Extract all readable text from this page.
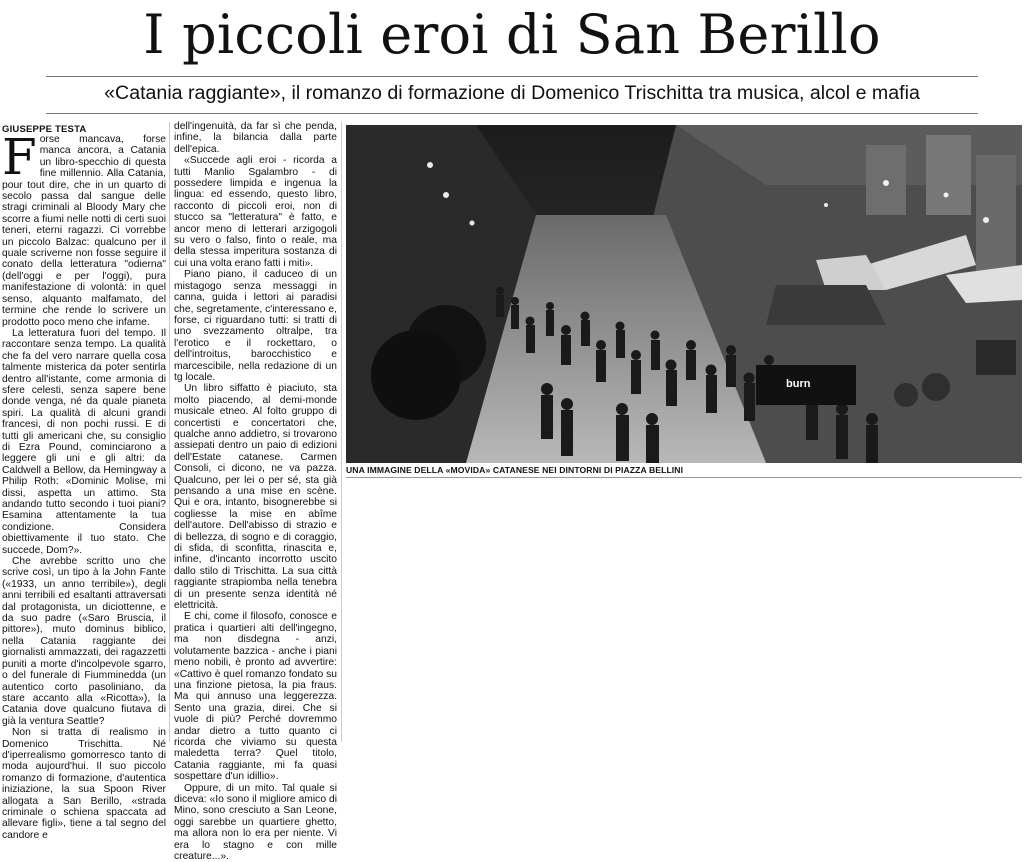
I piccoli eroi di San Berillo
«Catania raggiante», il romanzo di formazione di Domenico Trischitta tra musica, alcol e mafia
GIUSEPPE TESTA

Forse mancava, forse manca ancora, a Catania un libro-specchio di questa fine millennio. Alla Catania, pour tout dire, che in un quarto di secolo passa dal sangue delle stragi criminali al Bloody Mary che scorre a fiumi nelle notti di certi suoi teneri, eterni ragazzi. Ci vorrebbe un piccolo Balzac: qualcuno per il quale scriverne non fosse seguire il conato della letteratura "odierna" (dell'oggi e per l'oggi), pura manifestazione di volontà: in quel senso, alquanto malfamato, del termine che rende lo scrivere un prodotto poco meno che infame.

La letteratura fuori del tempo. Il raccontare senza tempo. La qualità che fa del vero narrare quella cosa talmente misterica da poter sentirla dentro all'istante, come armonia di sfere celesti, senza sapere bene donde venga, né da quale pianeta spiri. La qualità di alcuni grandi francesi, di non pochi russi. E di tutti gli americani che, su consiglio di Ezra Pound, cominciarono a leggere gli uni e gli altri: da Caldwell a Bellow, da Hemingway a Philip Roth: «Dominic Molise, mi dissi, aspetta un attimo. Sta andando tutto secondo i tuoi piani? Esamina attentamente la tua condizione. Considera obiettivamente il tuo stato. Che succede, Dom?».

Che avrebbe scritto uno che scrive così, un tipo à la John Fante («1933, un anno terribile»), degli anni terribili ed esaltanti attraversati dal protagonista, un diciottenne, e da suo padre («Saro Bruscia, il pittore»), muto dominus biblico, nella Catania raggiante dei giornalisti ammazzati, dei ragazzetti puniti a morte d'incolpevole sgarro, o del funerale di Fiumminedda (un autentico corto pasoliniano, da stare accanto alla «Ricotta»), la Catania dove qualcuno fiutava di già la ventura Seattle?

Non si tratta di realismo in Domenico Trischitta. Né d'iperrealismo gomorresco tanto di moda aujourd'hui. Il suo piccolo romanzo di formazione, d'autentica iniziazione, la sua Spoon River allogata a San Berillo, «strada criminale o schiena spaccata ad allevare figli», tiene a tal segno del candore e

dell'ingenuità, da far sì che penda, infine, la bilancia dalla parte dell'epica.

«Succede agli eroi - ricorda a tutti Manlio Sgalambro - di possedere limpida e ingenua la lingua: ed essendo, questo libro, racconto di piccoli eroi, non di stucco sa "letteratura" è fatto, e ancor meno di letterari arzigogoli su vero o falso, finto o reale, ma della stessa imperitura sostanza di cui una volta erano fatti i miti».

Piano piano, il caduceo di un mistagogo senza messaggi in canna, guida i lettori ai paradisi che, segretamente, c'interessano e, forse, ci riguardano tutti: si tratti di uno svezzamento oltralpe, tra l'erotico e il rockettaro, o dell'introitus, barocchistico e marcescibile, nella redazione di un tg locale.

Un libro siffatto è piaciuto, sta molto piacendo, al demi-monde musicale etneo. Al folto gruppo di concertisti e concertatori che, qualche anno addietro, si trovarono assiepati dentro un paio di edizioni dell'Estate catanese. Carmen Consoli, ci dicono, ne va pazza. Qualcuno, per lei o per sé, sta già pensando a una mise en scène. Qui e ora, intanto, bisognerebbe si cogliesse la mise en abîme dell'autore. Dell'abisso di strazio e di bellezza, di sogno e di coraggio, di sfida, di sconfitta, rinascita e, infine, d'incanto incorrotto uscito dallo stilo di Trischitta. La sua città raggiante strapiomba nella tenebra di un presente senza identità né elettricità.

E chi, come il filosofo, conosce e pratica i quartieri alti dell'ingegno, ma non disdegna - anzi, volutamente bazzica - anche i piani meno nobili, è pronto ad avvertire: «Cattivo è quel romanzo fondato su una finzione pietosa, la pia fraus. Ma qui annuso una leggerezza. Sento una grazia, direi. Che si vuole di più? Perché dovremmo andar dietro a tutto quanto ci ricorda che viviamo su questa maledetta terra? Quel titolo, Catania raggiante, mi fa quasi sospettare d'un idillio».

Oppure, di un mito. Tal quale si diceva: «Io sono il migliore amico di Mino, sono cresciuto a San Leone, oggi sarebbe un quartiere ghetto, ma allora non lo era per niente. Vi era lo stagno e con mille creature...».

burn
UNA IMMAGINE DELLA «MOVIDA» CATANESE NEI DINTORNI DI PIAZZA BELLINI
